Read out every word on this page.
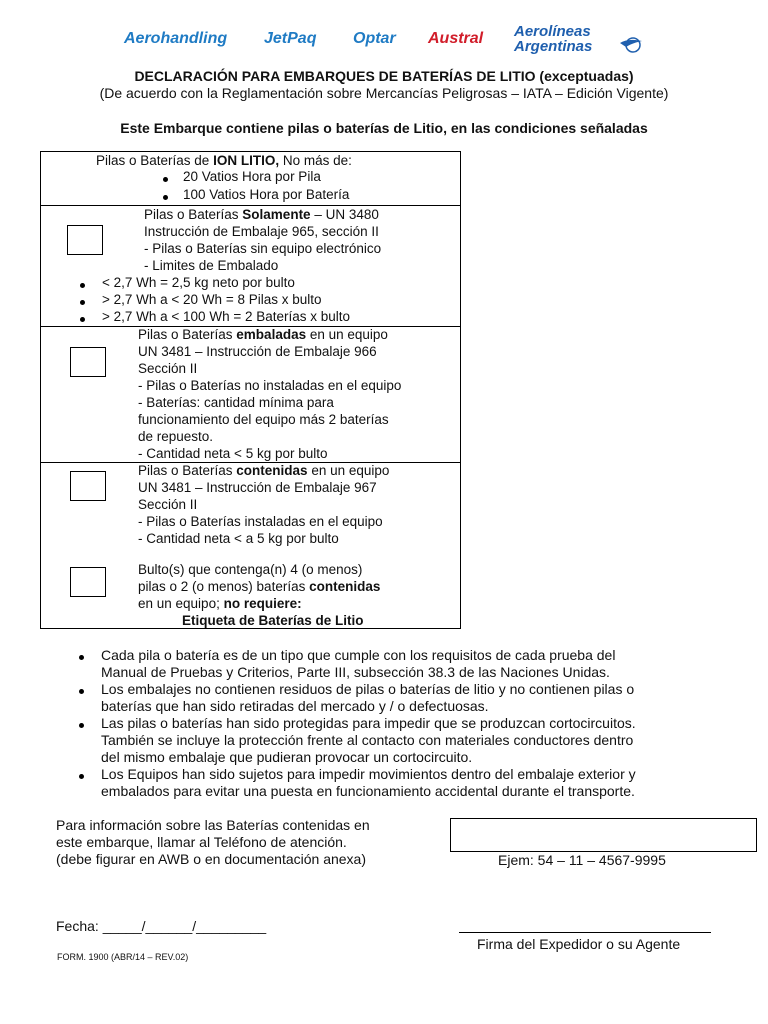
Aerohandling JetPaq Optar Austral Aerolíneas
Argentinas
DECLARACIÓN PARA EMBARQUES DE BATERÍAS DE LITIO (exceptuadas)
(De acuerdo con la Reglamentación sobre Mercancías Peligrosas – IATA – Edición Vigente)
Este Embarque contiene pilas o baterías de Litio, en las condiciones señaladas
Pilas o Baterías de ION LITIO, No más de:
20 Vatios Hora por Pila
100 Vatios Hora por Batería
Pilas o Baterías Solamente – UN 3480
Instrucción de Embalaje 965, sección II
- Pilas o Baterías sin equipo electrónico
- Limites de Embalado
< 2,7 Wh = 2,5 kg neto por bulto
> 2,7 Wh a < 20 Wh = 8 Pilas x bulto
> 2,7 Wh a < 100 Wh = 2 Baterías x bulto
Pilas o Baterías embaladas en un equipo
UN 3481 – Instrucción de Embalaje 966
Sección II
- Pilas o Baterías no instaladas en el equipo
- Baterías: cantidad mínima para
funcionamiento del equipo más 2 baterías
de repuesto.
- Cantidad neta < 5 kg por bulto
Pilas o Baterías contenidas en un equipo
UN 3481 – Instrucción de Embalaje 967
Sección II
- Pilas o Baterías instaladas en el equipo
- Cantidad neta < a 5 kg por bulto
Bulto(s) que contenga(n) 4 (o menos)
pilas o 2 (o menos) baterías contenidas
en un equipo; no requiere:
Etiqueta de Baterías de Litio
Cada pila o batería es de un tipo que cumple con los requisitos de cada prueba del
Manual de Pruebas y Criterios, Parte III, subsección 38.3 de las Naciones Unidas.
Los embalajes no contienen residuos de pilas o baterías de litio y no contienen pilas o
baterías que han sido retiradas del mercado y / o defectuosas.
Las pilas o baterías han sido protegidas para impedir que se produzcan cortocircuitos.
También se incluye la protección frente al contacto con materiales conductores dentro
del mismo embalaje que pudieran provocar un cortocircuito.
Los Equipos han sido sujetos para impedir movimientos dentro del embalaje exterior y
embalados para evitar una puesta en funcionamiento accidental durante el transporte.
Para información sobre las Baterías contenidas en
este embarque, llamar al Teléfono de atención.
(debe figurar en AWB o en documentación anexa)	Ejem: 54 – 11 – 4567-9995
Fecha: _____/______/_________
Firma del Expedidor o su Agente
FORM. 1900 (ABR/14 – REV.02)
